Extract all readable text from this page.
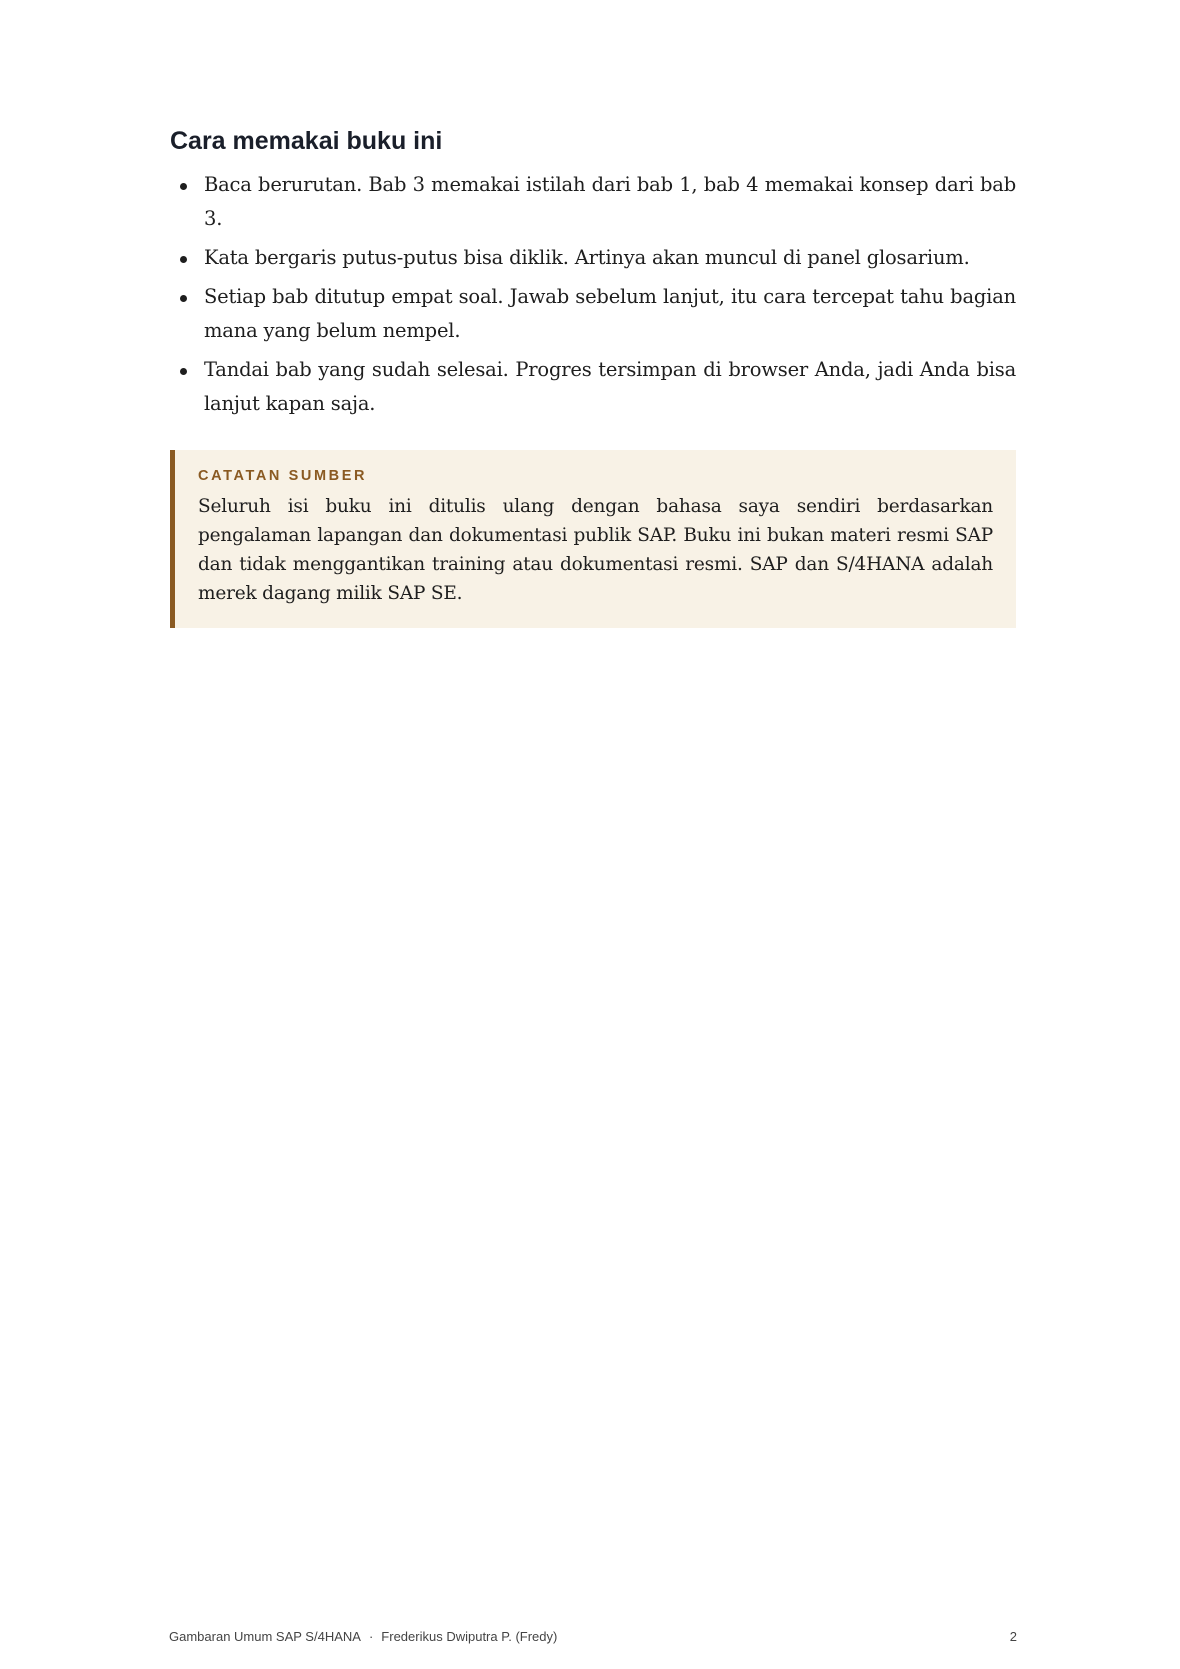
Cara memakai buku ini
Baca berurutan. Bab 3 memakai istilah dari bab 1, bab 4 memakai konsep dari bab 3.
Kata bergaris putus-putus bisa diklik. Artinya akan muncul di panel glosarium.
Setiap bab ditutup empat soal. Jawab sebelum lanjut, itu cara tercepat tahu bagian mana yang belum nempel.
Tandai bab yang sudah selesai. Progres tersimpan di browser Anda, jadi Anda bisa lanjut kapan saja.
CATATAN SUMBER

Seluruh isi buku ini ditulis ulang dengan bahasa saya sendiri berdasarkan pengalaman lapangan dan dokumentasi publik SAP. Buku ini bukan materi resmi SAP dan tidak menggantikan training atau dokumentasi resmi. SAP dan S/4HANA adalah merek dagang milik SAP SE.

Gambaran Umum SAP S/4HANA · Frederikus Dwiputra P. (Fredy)	2
